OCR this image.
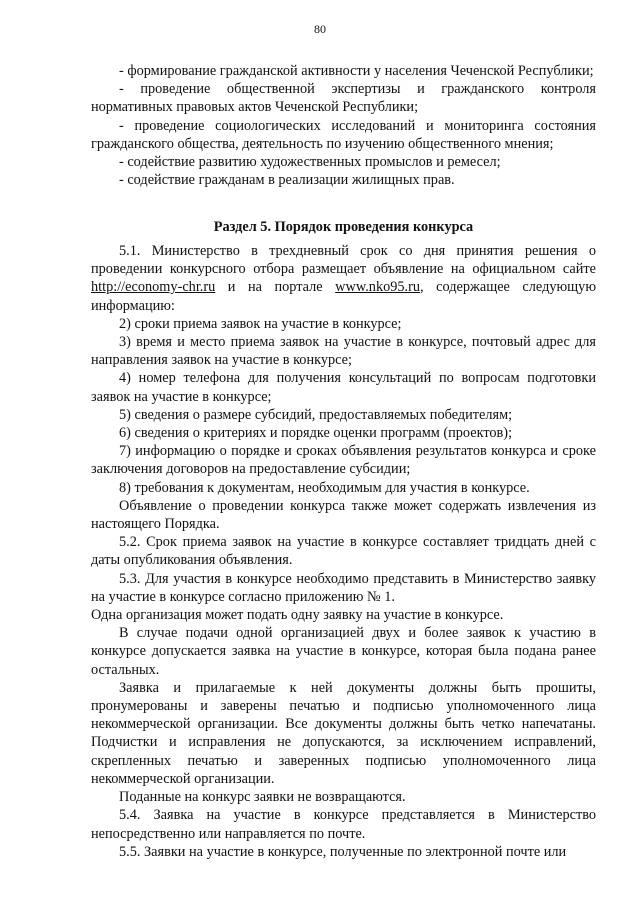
80

- формирование гражданской активности у населения Чеченской Республики;

- проведение общественной экспертизы и гражданского контроля нормативных правовых актов Чеченской Республики;

- проведение социологических исследований и мониторинга состояния гражданского общества, деятельность по изучению общественного мнения;

- содействие развитию художественных промыслов и ремесел;

- содействие гражданам в реализации жилищных прав.

Раздел 5. Порядок проведения конкурса

5.1. Министерство в трехдневный срок со дня принятия решения о проведении конкурсного отбора размещает объявление на официальном сайте http://economy-chr.ru и на портале www.nko95.ru, содержащее следующую информацию:

2) сроки приема заявок на участие в конкурсе;

3) время и место приема заявок на участие в конкурсе, почтовый адрес для направления заявок на участие в конкурсе;

4) номер телефона для получения консультаций по вопросам подготовки заявок на участие в конкурсе;

5) сведения о размере субсидий, предоставляемых победителям;

6) сведения о критериях и порядке оценки программ (проектов);

7) информацию о порядке и сроках объявления результатов конкурса и сроке заключения договоров на предоставление субсидии;

8) требования к документам, необходимым для участия в конкурсе.

Объявление о проведении конкурса также может содержать извлечения из настоящего Порядка.

5.2. Срок приема заявок на участие в конкурсе составляет тридцать дней с даты опубликования объявления.

5.3. Для участия в конкурсе необходимо представить в Министерство заявку на участие в конкурсе согласно приложению № 1.

Одна организация может подать одну заявку на участие в конкурсе.

В случае подачи одной организацией двух и более заявок к участию в конкурсе допускается заявка на участие в конкурсе, которая была подана ранее остальных.

Заявка и прилагаемые к ней документы должны быть прошиты, пронумерованы и заверены печатью и подписью уполномоченного лица некоммерческой организации. Все документы должны быть четко напечатаны. Подчистки и исправления не допускаются, за исключением исправлений, скрепленных печатью и заверенных подписью уполномоченного лица некоммерческой организации.

Поданные на конкурс заявки не возвращаются.

5.4. Заявка на участие в конкурсе представляется в Министерство непосредственно или направляется по почте.

5.5. Заявки на участие в конкурсе, полученные по электронной почте или
